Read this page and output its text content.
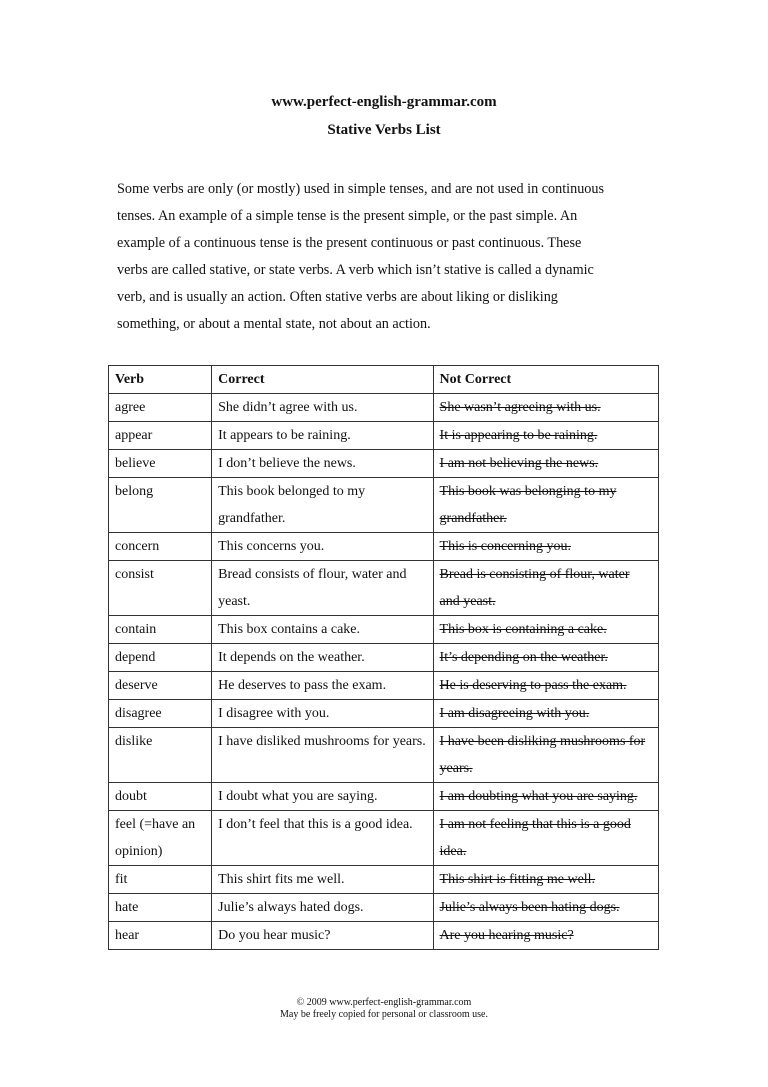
www.perfect-english-grammar.com
Stative Verbs List
Some verbs are only (or mostly) used in simple tenses, and are not used in continuous
tenses. An example of a simple tense is the present simple, or the past simple. An
example of a continuous tense is the present continuous or past continuous. These
verbs are called stative, or state verbs. A verb which isn’t stative is called a dynamic
verb, and is usually an action. Often stative verbs are about liking or disliking
something, or about a mental state, not about an action.
Verb	Correct	Not Correct
agree	She didn’t agree with us.	She wasn’t agreeing with us.
appear	It appears to be raining.	It is appearing to be raining.
believe	I don’t believe the news.	I am not believing the news.
belong	This book belonged to my grandfather.	This book was belonging to my grandfather.
concern	This concerns you.	This is concerning you.
consist	Bread consists of flour, water and yeast.	Bread is consisting of flour, water and yeast.
contain	This box contains a cake.	This box is containing a cake.
depend	It depends on the weather.	It’s depending on the weather.
deserve	He deserves to pass the exam.	He is deserving to pass the exam.
disagree	I disagree with you.	I am disagreeing with you.
dislike	I have disliked mushrooms for years.	I have been disliking mushrooms for years.
doubt	I doubt what you are saying.	I am doubting what you are saying.
feel (=have an opinion)	I don’t feel that this is a good idea.	I am not feeling that this is a good idea.
fit	This shirt fits me well.	This shirt is fitting me well.
hate	Julie’s always hated dogs.	Julie’s always been hating dogs.
hear	Do you hear music?	Are you hearing music?
© 2009 www.perfect-english-grammar.com
May be freely copied for personal or classroom use.
